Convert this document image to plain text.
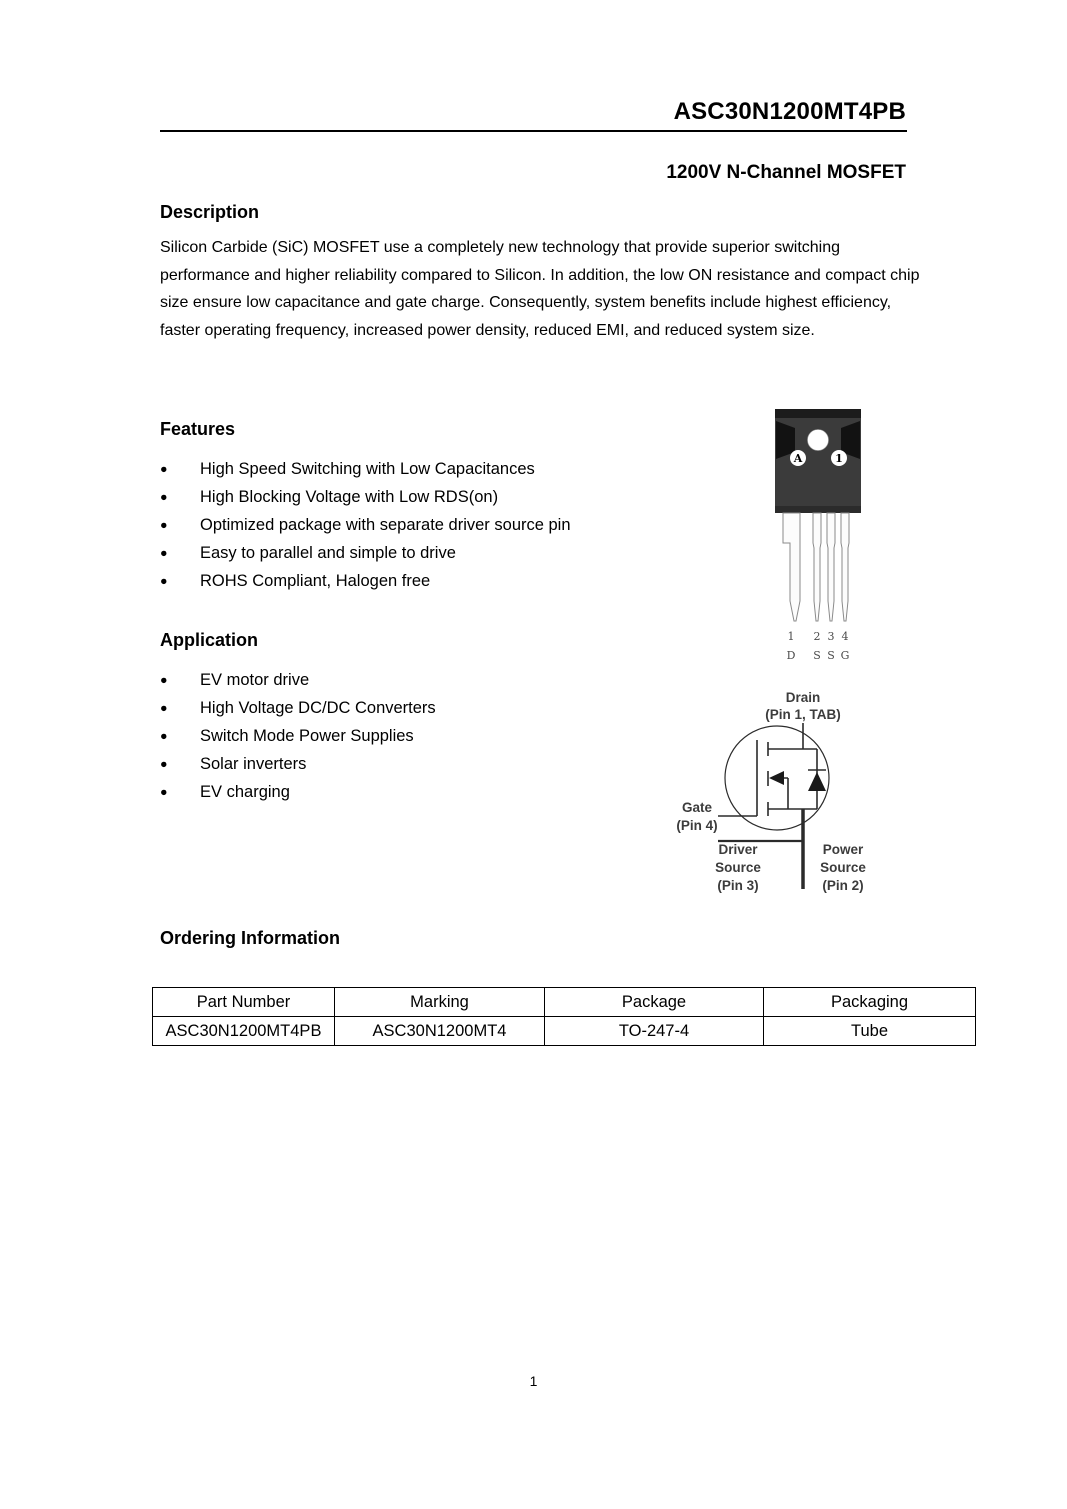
ASC30N1200MT4PB
1200V N-Channel MOSFET
Description

Silicon Carbide (SiC) MOSFET use a completely new technology that provide superior switching performance and higher reliability compared to Silicon. In addition, the low ON resistance and compact chip size ensure low capacitance and gate charge. Consequently, system benefits include highest efficiency, faster operating frequency, increased power density, reduced EMI, and reduced system size.

Features
●
High Speed Switching with Low Capacitances
●
High Blocking Voltage with Low RDS(on)
●
Optimized package with separate driver source pin
●
Easy to parallel and simple to drive
●
ROHS Compliant, Halogen free
Application
●
EV motor drive
●
High Voltage DC/DC Converters
●
Switch Mode Power Supplies
●
Solar inverters
●
EV charging
A	1
1 2 3 4
D S S G
Drain
(Pin 1, TAB)
Gate
(Pin 4)
Driver
Source
(Pin 3)
Power
Source
(Pin 2)
Ordering Information
Part Number	Marking	Package	Packaging
ASC30N1200MT4PB	ASC30N1200MT4	TO-247-4	Tube
1
